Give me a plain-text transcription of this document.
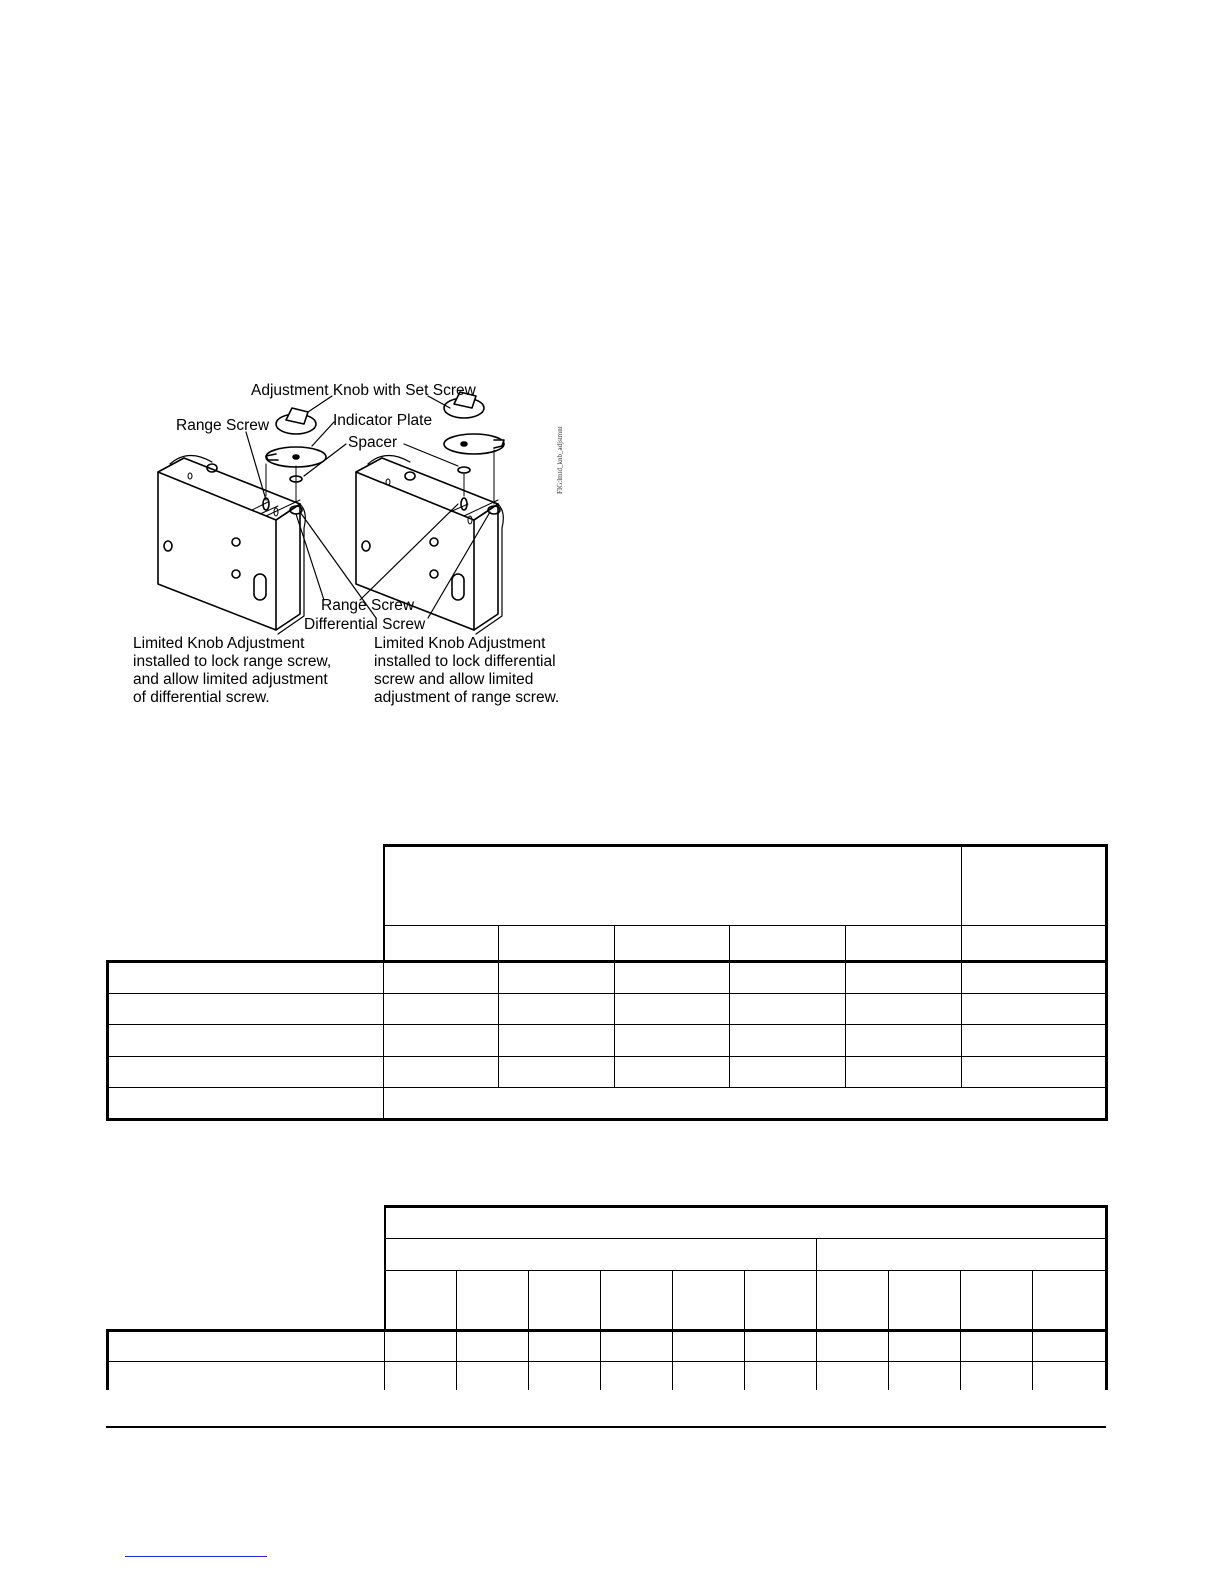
Adjustment Knob with Set Screw
Range Screw	Indicator Plate
Spacer
Range Screw
Differential Screw
Limited Knob Adjustment
installed to lock range screw,
and allow limited adjustment
of differential screw.
Limited Knob Adjustment
installed to lock differential
screw and allow limited
adjustment of range screw.
FIG:lmtd_knb_adjstmnt
